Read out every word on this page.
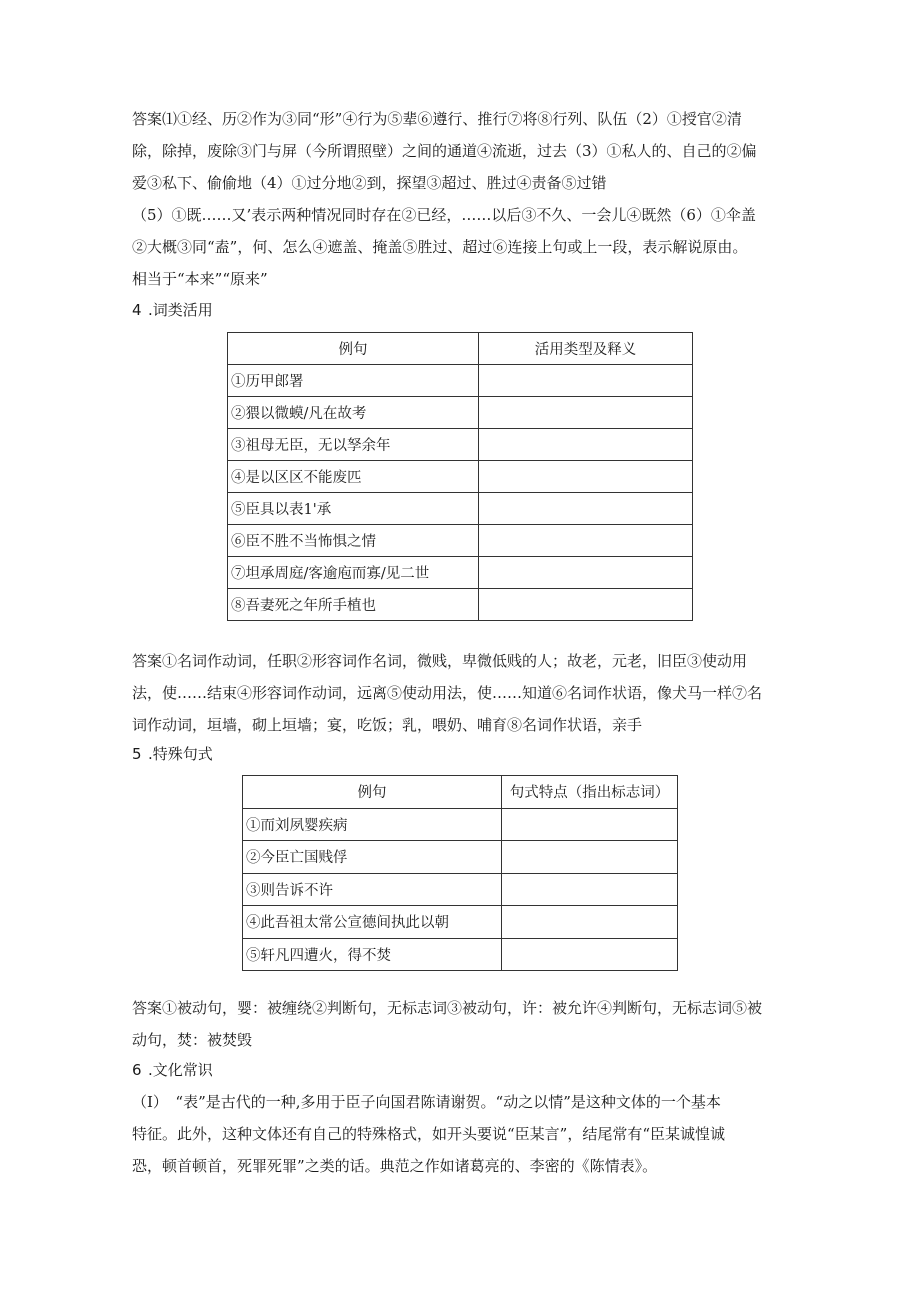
答案⑴①经、历②作为③同“形”④行为⑤辈⑥遵行、推行⑦将⑧行列、队伍（2）①授官②清
除，除掉，废除③门与屏（今所谓照壁）之间的通道④流逝，过去（3）①私人的、自己的②偏
爱③私下、偷偷地（4）①过分地②到，探望③超过、胜过④责备⑤过错
（5）①既……又’表示两种情况同时存在②已经，……以后③不久、一会儿④既然（6）①伞盖
②大概③同“盍”，何、怎么④遮盖、掩盖⑤胜过、超过⑥连接上句或上一段，表示解说原由。
相当于“本来”“原来”
4 .词类活用
例句	活用类型及释义
①历甲郎署	
②猥以微蟆/凡在故考	
③祖母无臣，无以孥余年	
④是以区区不能废匹	
⑤臣具以表1'承	
⑥臣不胜不当怖惧之情	
⑦坦承周庭/客逾庖而寡/见二世	
⑧吾妻死之年所手植也	
答案①名词作动词，任职②形容词作名词，微贱，卑微低贱的人；故老，元老，旧臣③使动用
法，使……结束④形容词作动词，远离⑤使动用法，使……知道⑥名词作状语，像犬马一样⑦名
词作动词，垣墙，砌上垣墙；宴，吃饭；乳，喂奶、哺育⑧名词作状语，亲手
5 .特殊句式
例句	句式特点（指出标志词）
①而刘夙婴疾病	
②今臣亡国贱俘	
③则告诉不许	
④此吾祖太常公宣德间执此以朝	
⑤轩凡四遭火，得不焚	
答案①被动句，婴：被缠绕②判断句，无标志词③被动句，许：被允许④判断句，无标志词⑤被
动句，焚：被焚毁
6 .文化常识
（I）　“表”是古代的一种,多用于臣子向国君陈请谢贺。“动之以情”是这种文体的一个基本
特征。此外，这种文体还有自己的特殊格式，如开头要说“臣某言”，结尾常有“臣某诚惶诚
恐，顿首顿首，死罪死罪”之类的话。典范之作如诸葛亮的、李密的《陈情表》。
